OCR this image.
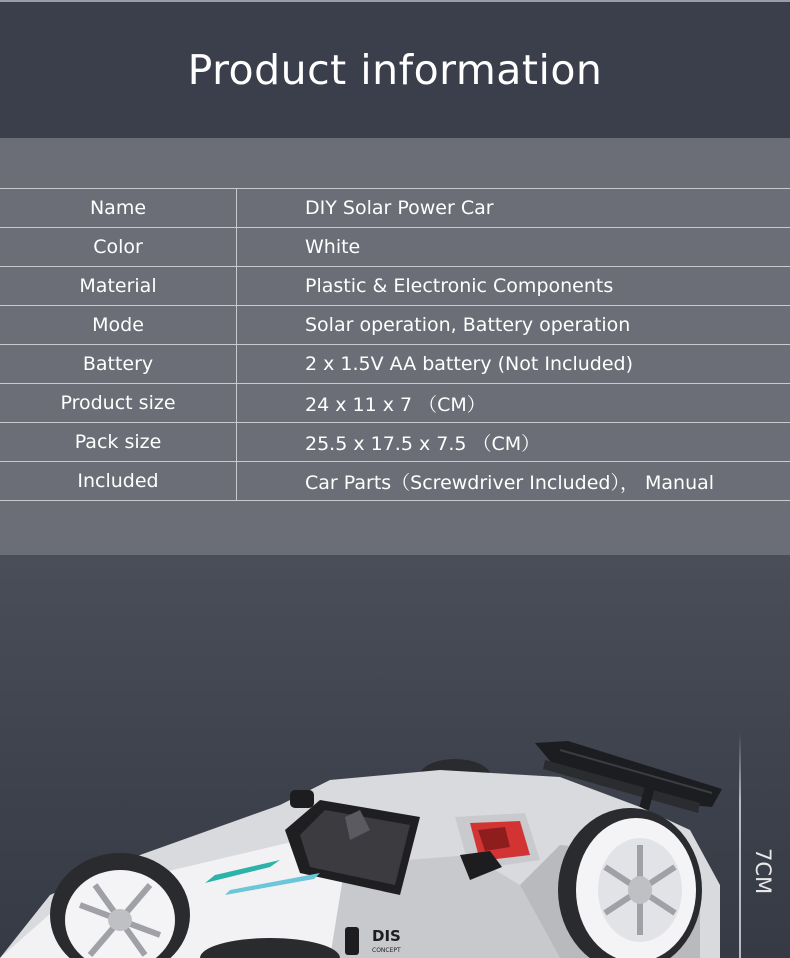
Product information
Name	DIY Solar Power Car
Color	White
Material	Plastic & Electronic Components
Mode	Solar operation, Battery operation
Battery	2 x 1.5V AA battery (Not Included)
Product size	24 x 11 x 7 （CM）
Pack size	25.5 x 17.5 x 7.5 （CM）
Included	Car Parts（Screwdriver Included）， Manual
DIS
CONCEPT
7CM
